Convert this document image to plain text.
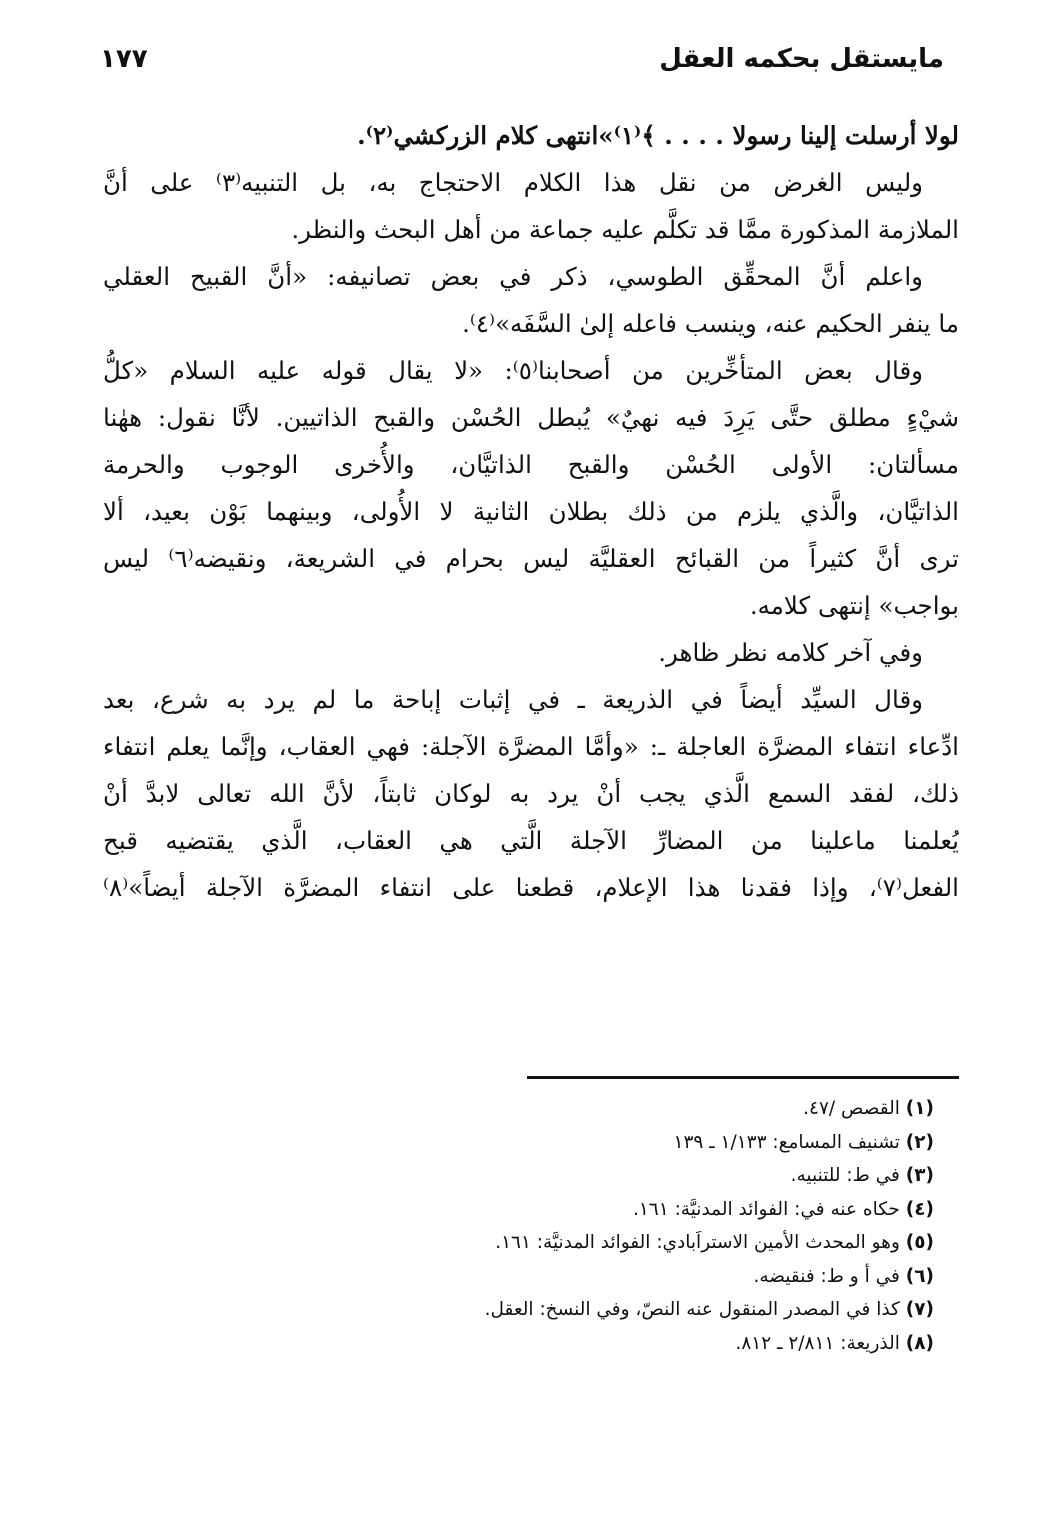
مايستقل بحكمه العقل
١٧٧
لولا أرسلت إلينا رسولا . . . . ﴾⁽١⁾»انتهى كلام الزركشي⁽٢⁾.
وليس الغرض من نقل هذا الكلام الاحتجاج به، بل التنبيه⁽٣⁾ على أنَّ
الملازمة المذكورة ممَّا قد تكلَّم عليه جماعة من أهل البحث والنظر.
واعلم أنَّ المحقِّق الطوسي، ذكر في بعض تصانيفه: «أنَّ القبيح العقلي
ما ينفر الحكيم عنه، وينسب فاعله إلىٰ السَّفَه»⁽٤⁾.
وقال بعض المتأخِّرين من أصحابنا⁽٥⁾: «لا يقال قوله عليه السلام «كلُّ
شيْءٍ مطلق حتَّى يَرِدَ فيه نهيٌ» يُبطل الحُسْن والقبح الذاتيين. لأنَّا نقول: ههٰنا
مسألتان: الأولى الحُسْن والقبح الذاتيَّان، والأُخرى الوجوب والحرمة
الذاتيَّان، والَّذي يلزم من ذلك بطلان الثانية لا الأُولى، وبينهما بَوْن بعيد، ألا
ترى أنَّ كثيراً من القبائح العقليَّة ليس بحرام في الشريعة، ونقيضه⁽٦⁾ ليس
بواجب» إنتهى كلامه.
وفي آخر كلامه نظر ظاهر.
وقال السيِّد أيضاً في الذريعة ـ في إثبات إباحة ما لم يرد به شرع، بعد
ادِّعاء انتفاء المضرَّة العاجلة ـ: «وأمَّا المضرَّة الآجلة: فهي العقاب، وإنَّما يعلم انتفاء
ذلك، لفقد السمع الَّذي يجب أنْ يرد به لوكان ثابتاً، لأنَّ الله تعالى لابدَّ أنْ
يُعلمنا ماعلينا من المضارِّ الآجلة الَّتي هي العقاب، الَّذي يقتضيه قبح
الفعل⁽٧⁾، وإذا فقدنا هذا الإعلام، قطعنا على انتفاء المضرَّة الآجلة أيضاً»⁽٨⁾
(١) القصص /٤٧.
(٢) تشنيف المسامع: ١/١٣٣ ـ ١٣٩
(٣) في ط: للتنبيه.
(٤) حكاه عنه في: الفوائد المدنيَّة: ١٦١.
(٥) وهو المحدث الأمين الاستراَبادي: الفوائد المدنيَّة: ١٦١.
(٦) في أ و ط: فنقيضه.
(٧) كذا في المصدر المنقول عنه النصّ، وفي النسخ: العقل.
(٨) الذريعة: ٢/٨١١ ـ ٨١٢.
